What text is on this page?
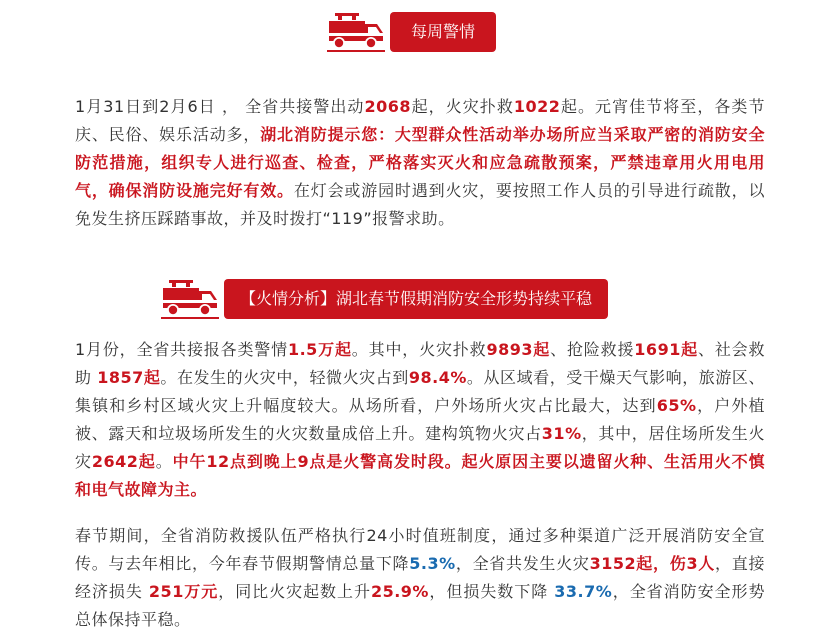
每周警情

1月31日到2月6日 ， 全省共接警出动2068起，火灾扑救1022起。元宵佳节将至，各类节庆、民俗、娱乐活动多，湖北消防提示您：大型群众性活动举办场所应当采取严密的消防安全防范措施，组织专人进行巡查、检查，严格落实灭火和应急疏散预案，严禁违章用火用电用气，确保消防设施完好有效。在灯会或游园时遇到火灾，要按照工作人员的引导进行疏散，以免发生挤压踩踏事故，并及时拨打“119”报警求助。

【火情分析】湖北春节假期消防安全形势持续平稳

1月份，全省共接报各类警情1.5万起。其中，火灾扑救9893起、抢险救援1691起、社会救助 1857起。在发生的火灾中，轻微火灾占到98.4%。从区域看，受干燥天气影响，旅游区、集镇和乡村区域火灾上升幅度较大。从场所看，户外场所火灾占比最大，达到65%，户外植被、露天和垃圾场所发生的火灾数量成倍上升。建构筑物火灾占31%，其中，居住场所发生火灾2642起。中午12点到晚上9点是火警高发时段。起火原因主要以遗留火种、生活用火不慎和电气故障为主。

春节期间，全省消防救援队伍严格执行24小时值班制度，通过多种渠道广泛开展消防安全宣传。与去年相比，今年春节假期警情总量下降5.3%，全省共发生火灾3152起，伤3人，直接经济损失 251万元，同比火灾起数上升25.9%，但损失数下降 33.7%，全省消防安全形势总体保持平稳。
